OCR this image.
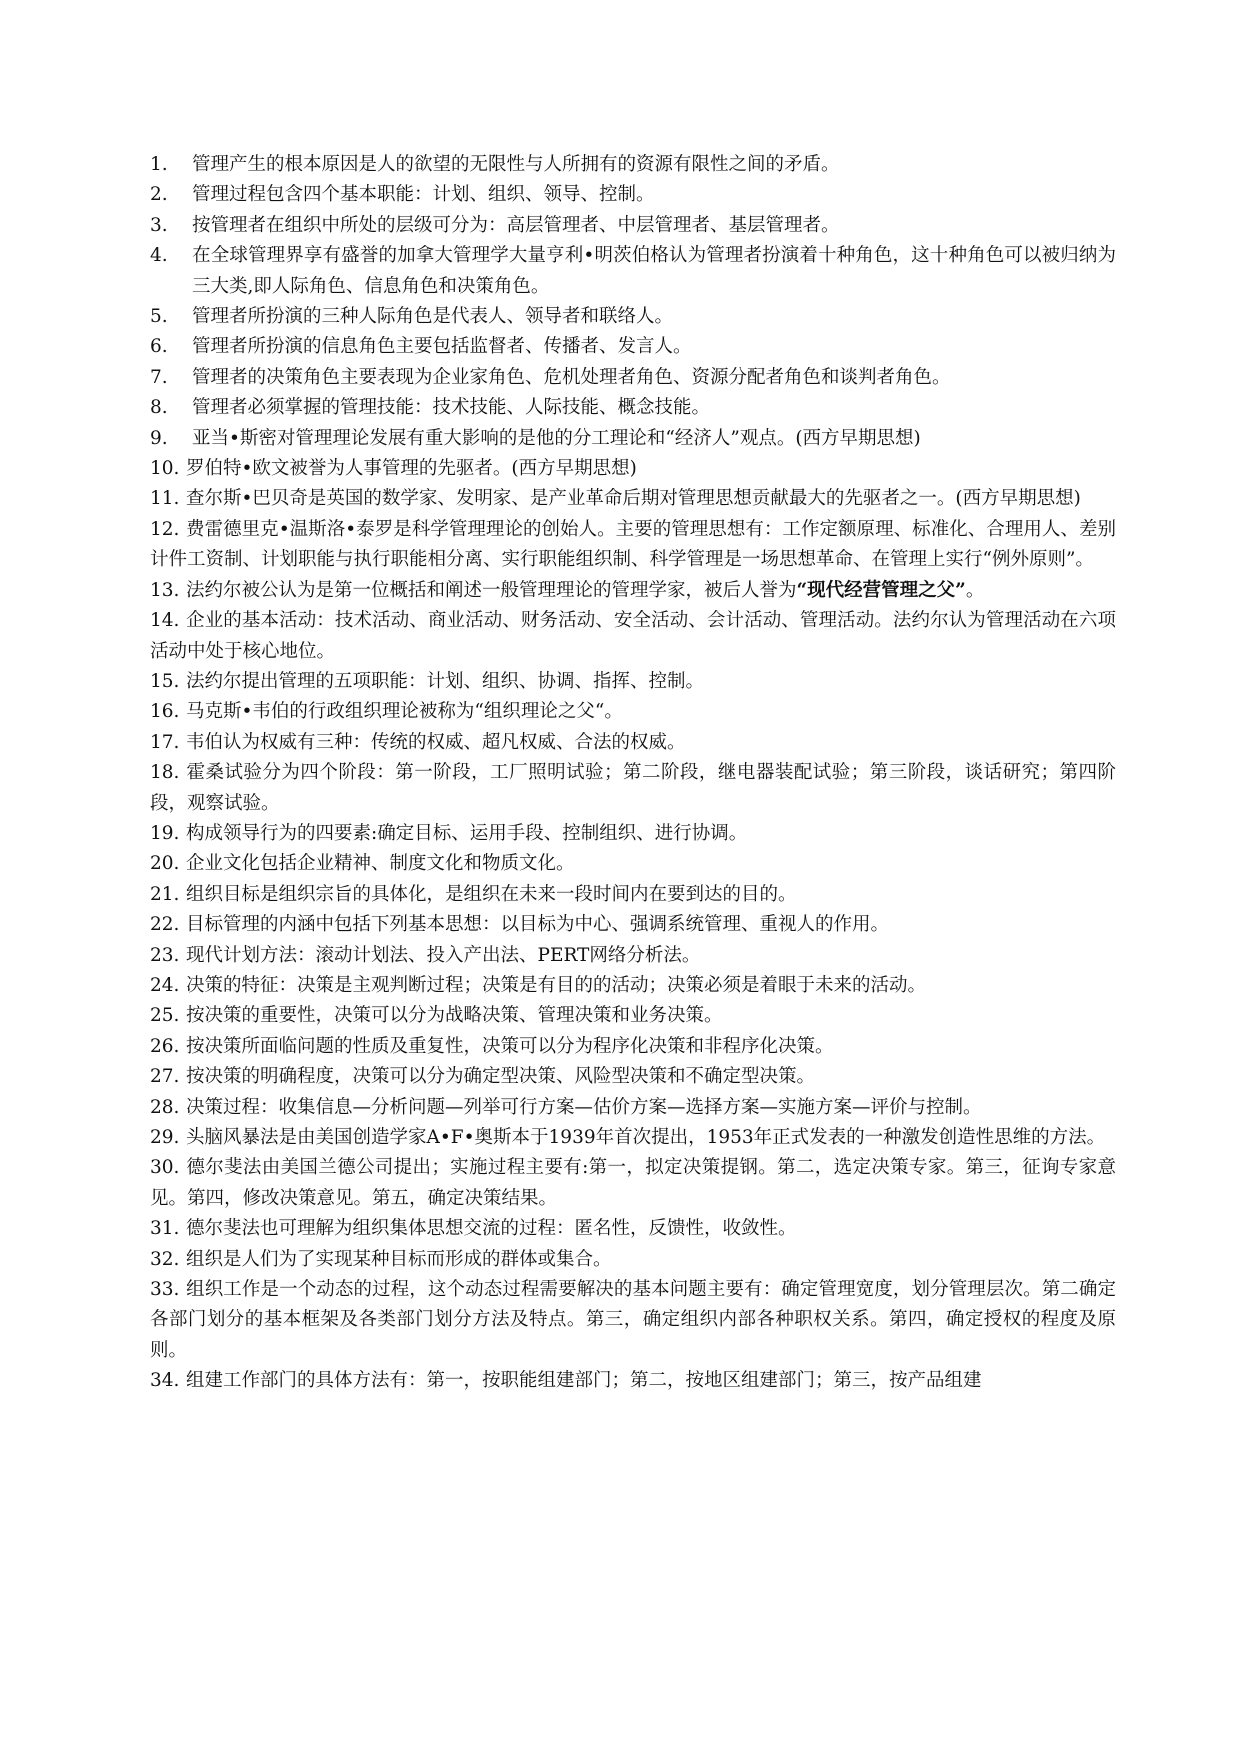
1. 管理产生的根本原因是人的欲望的无限性与人所拥有的资源有限性之间的矛盾。
2. 管理过程包含四个基本职能：计划、组织、领导、控制。
3. 按管理者在组织中所处的层级可分为：高层管理者、中层管理者、基层管理者。
4. 在全球管理界享有盛誉的加拿大管理学大量亨利•明茨伯格认为管理者扮演着十种角色，这十种角色可以被归纳为三大类,即人际角色、信息角色和决策角色。
5. 管理者所扮演的三种人际角色是代表人、领导者和联络人。
6. 管理者所扮演的信息角色主要包括监督者、传播者、发言人。
7. 管理者的决策角色主要表现为企业家角色、危机处理者角色、资源分配者角色和谈判者角色。
8. 管理者必须掌握的管理技能：技术技能、人际技能、概念技能。
9. 亚当•斯密对管理理论发展有重大影响的是他的分工理论和“经济人”观点。(西方早期思想)
10. 罗伯特•欧文被誉为人事管理的先驱者。(西方早期思想)
11. 查尔斯•巴贝奇是英国的数学家、发明家、是产业革命后期对管理思想贡献最大的先驱者之一。(西方早期思想)
12. 费雷德里克•温斯洛•泰罗是科学管理理论的创始人。主要的管理思想有：工作定额原理、标准化、合理用人、差别计件工资制、计划职能与执行职能相分离、实行职能组织制、科学管理是一场思想革命、在管理上实行“例外原则”。
13. 法约尔被公认为是第一位概括和阐述一般管理理论的管理学家，被后人誉为“现代经营管理之父”。
14. 企业的基本活动：技术活动、商业活动、财务活动、安全活动、会计活动、管理活动。法约尔认为管理活动在六项活动中处于核心地位。
15. 法约尔提出管理的五项职能：计划、组织、协调、指挥、控制。
16. 马克斯•韦伯的行政组织理论被称为“组织理论之父“。
17. 韦伯认为权威有三种：传统的权威、超凡权威、合法的权威。
18. 霍桑试验分为四个阶段：第一阶段，工厂照明试验；第二阶段，继电器装配试验；第三阶段，谈话研究；第四阶段，观察试验。
19. 构成领导行为的四要素:确定目标、运用手段、控制组织、进行协调。
20. 企业文化包括企业精神、制度文化和物质文化。
21. 组织目标是组织宗旨的具体化，是组织在未来一段时间内在要到达的目的。
22. 目标管理的内涵中包括下列基本思想：以目标为中心、强调系统管理、重视人的作用。
23. 现代计划方法：滚动计划法、投入产出法、PERT网络分析法。
24. 决策的特征：决策是主观判断过程；决策是有目的的活动；决策必须是着眼于未来的活动。
25. 按决策的重要性，决策可以分为战略决策、管理决策和业务决策。
26. 按决策所面临问题的性质及重复性，决策可以分为程序化决策和非程序化决策。
27. 按决策的明确程度，决策可以分为确定型决策、风险型决策和不确定型决策。
28. 决策过程：收集信息—分析问题—列举可行方案—估价方案—选择方案—实施方案—评价与控制。
29. 头脑风暴法是由美国创造学家A•F•奥斯本于1939年首次提出，1953年正式发表的一种激发创造性思维的方法。
30. 德尔斐法由美国兰德公司提出；实施过程主要有:第一，拟定决策提钢。第二，选定决策专家。第三，征询专家意见。第四，修改决策意见。第五，确定决策结果。
31. 德尔斐法也可理解为组织集体思想交流的过程：匿名性，反馈性，收敛性。
32. 组织是人们为了实现某种目标而形成的群体或集合。
33. 组织工作是一个动态的过程，这个动态过程需要解决的基本问题主要有：确定管理宽度，划分管理层次。第二确定各部门划分的基本框架及各类部门划分方法及特点。第三，确定组织内部各种职权关系。第四，确定授权的程度及原则。
34. 组建工作部门的具体方法有：第一，按职能组建部门；第二，按地区组建部门；第三，按产品组建
